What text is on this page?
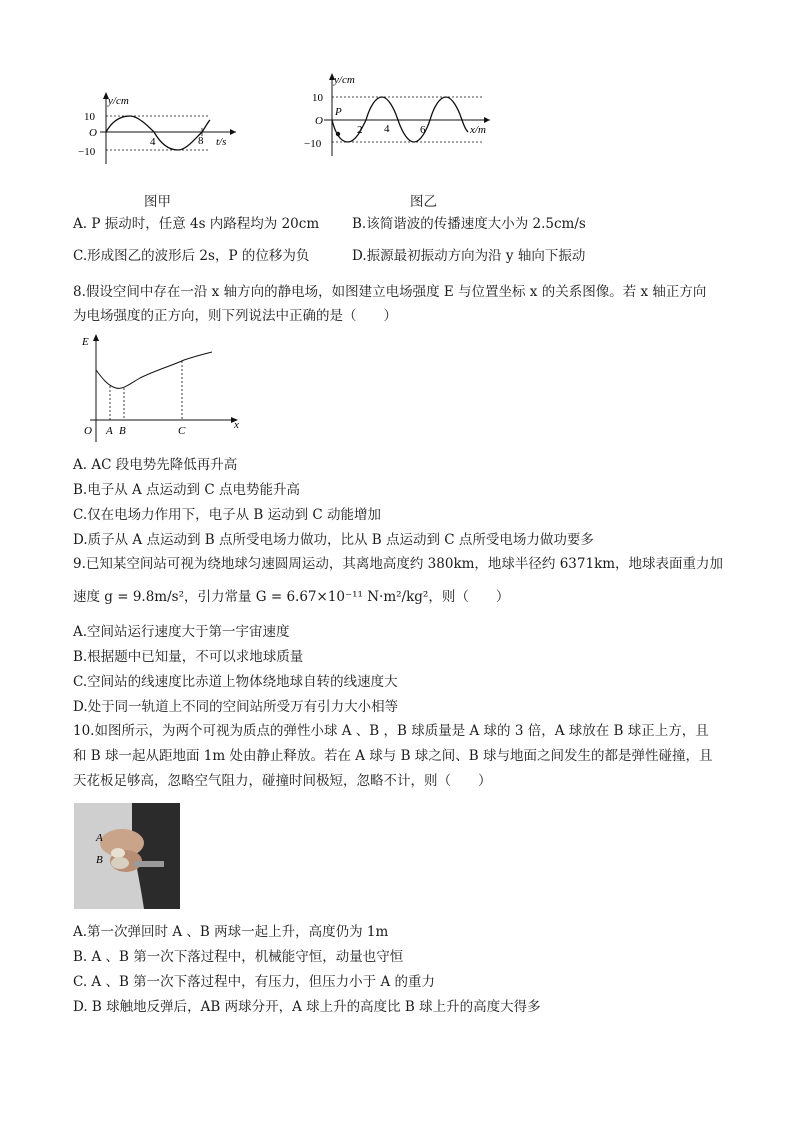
y/cm
10
O
−10
4	8 t/s
图甲
P
y/cm
10
O
−10
2 4	6	x/m
图乙
A. P 振动时，任意 4s 内路程均为 20cm B.该简谐波的传播速度大小为 2.5cm/s
C.形成图乙的波形后 2s，P 的位移为负	D.振源最初振动方向为沿 y 轴向下振动
8.假设空间中存在一沿 x 轴方向的静电场，如图建立电场强度 E 与位置坐标 x 的关系图像。若 x 轴正方向
为电场强度的正方向，则下列说法中正确的是（　　）
E
O A B	C	x
A. AC 段电势先降低再升高
B.电子从 A 点运动到 C 点电势能升高
C.仅在电场力作用下，电子从 B 运动到 C 动能增加
D.质子从 A 点运动到 B 点所受电场力做功，比从 B 点运动到 C 点所受电场力做功要多
9.已知某空间站可视为绕地球匀速圆周运动，其离地高度约 380km，地球半径约 6371km，地球表面重力加
速度 g = 9.8m/s²，引力常量 G = 6.67×10⁻¹¹ N·m²/kg²，则（　　）
A.空间站运行速度大于第一宇宙速度
B.根据题中已知量，不可以求地球质量
C.空间站的线速度比赤道上物体绕地球自转的线速度大
D.处于同一轨道上不同的空间站所受万有引力大小相等
10.如图所示，为两个可视为质点的弹性小球 A 、B ，B 球质量是 A 球的 3 倍，A 球放在 B 球正上方，且
和 B 球一起从距地面 1m 处由静止释放。若在 A 球与 B 球之间、B 球与地面之间发生的都是弹性碰撞，且
天花板足够高，忽略空气阻力，碰撞时间极短，忽略不计，则（　　）
A
B
A.第一次弹回时 A 、B 两球一起上升，高度仍为 1m
B. A 、B 第一次下落过程中，机械能守恒，动量也守恒
C. A 、B 第一次下落过程中，有压力，但压力小于 A 的重力
D. B 球触地反弹后，AB 两球分开，A 球上升的高度比 B 球上升的高度大得多
